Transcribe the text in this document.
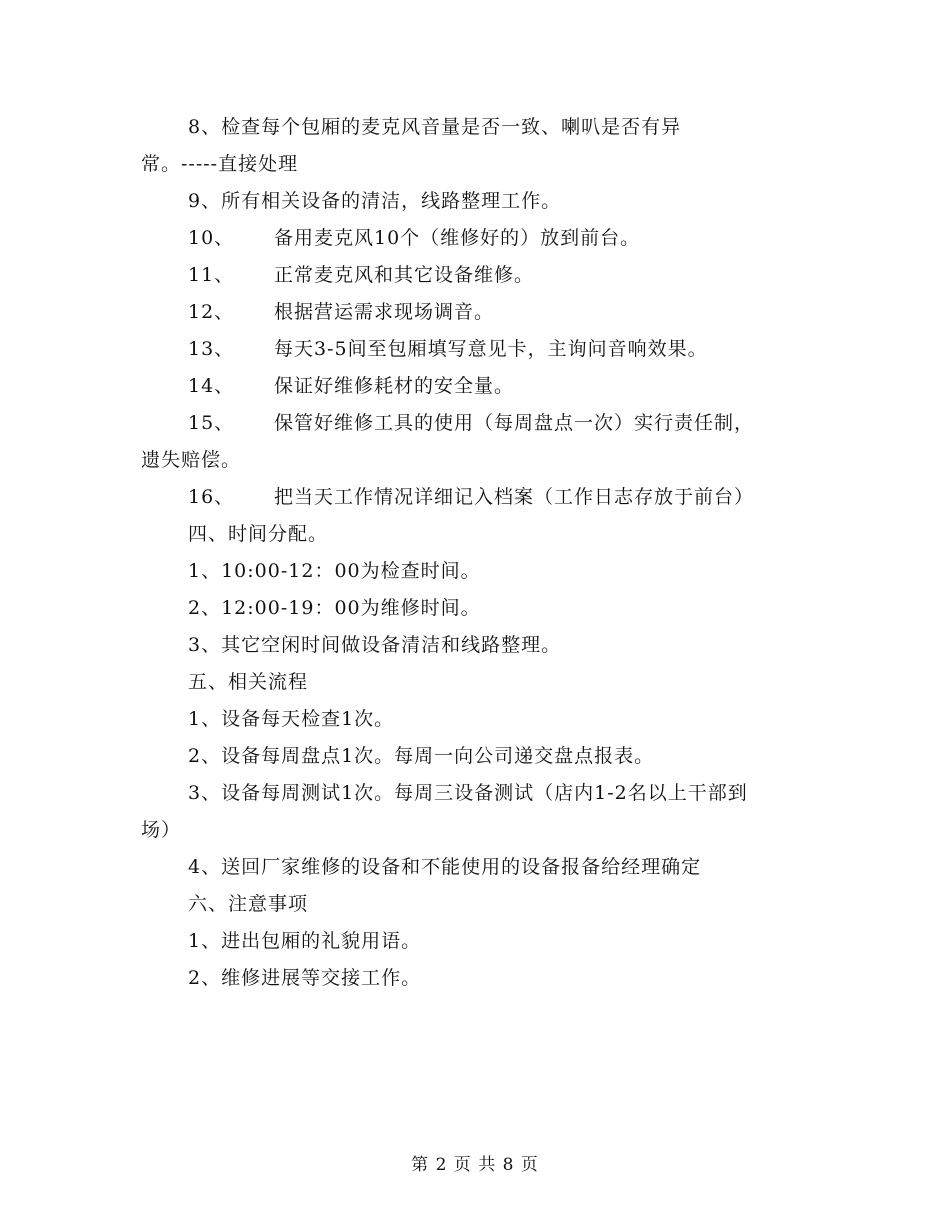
8、检查每个包厢的麦克风音量是否一致、喇叭是否有异
常。-----直接处理
9、所有相关设备的清洁，线路整理工作。
10、 备用麦克风10个（维修好的）放到前台。
11、 正常麦克风和其它设备维修。
12、 根据营运需求现场调音。
13、 每天3-5间至包厢填写意见卡，主询问音响效果。
14、 保证好维修耗材的安全量。
15、 保管好维修工具的使用（每周盘点一次）实行责任制，
遗失赔偿。
16、 把当天工作情况详细记入档案（工作日志存放于前台）
四、时间分配。
1、10:00-12：00为检查时间。
2、12:00-19：00为维修时间。
3、其它空闲时间做设备清洁和线路整理。
五、相关流程
1、设备每天检查1次。
2、设备每周盘点1次。每周一向公司递交盘点报表。
3、设备每周测试1次。每周三设备测试（店内1-2名以上干部到
场）
4、送回厂家维修的设备和不能使用的设备报备给经理确定
六、注意事项
1、进出包厢的礼貌用语。
2、维修进展等交接工作。
第 2 页 共 8 页
